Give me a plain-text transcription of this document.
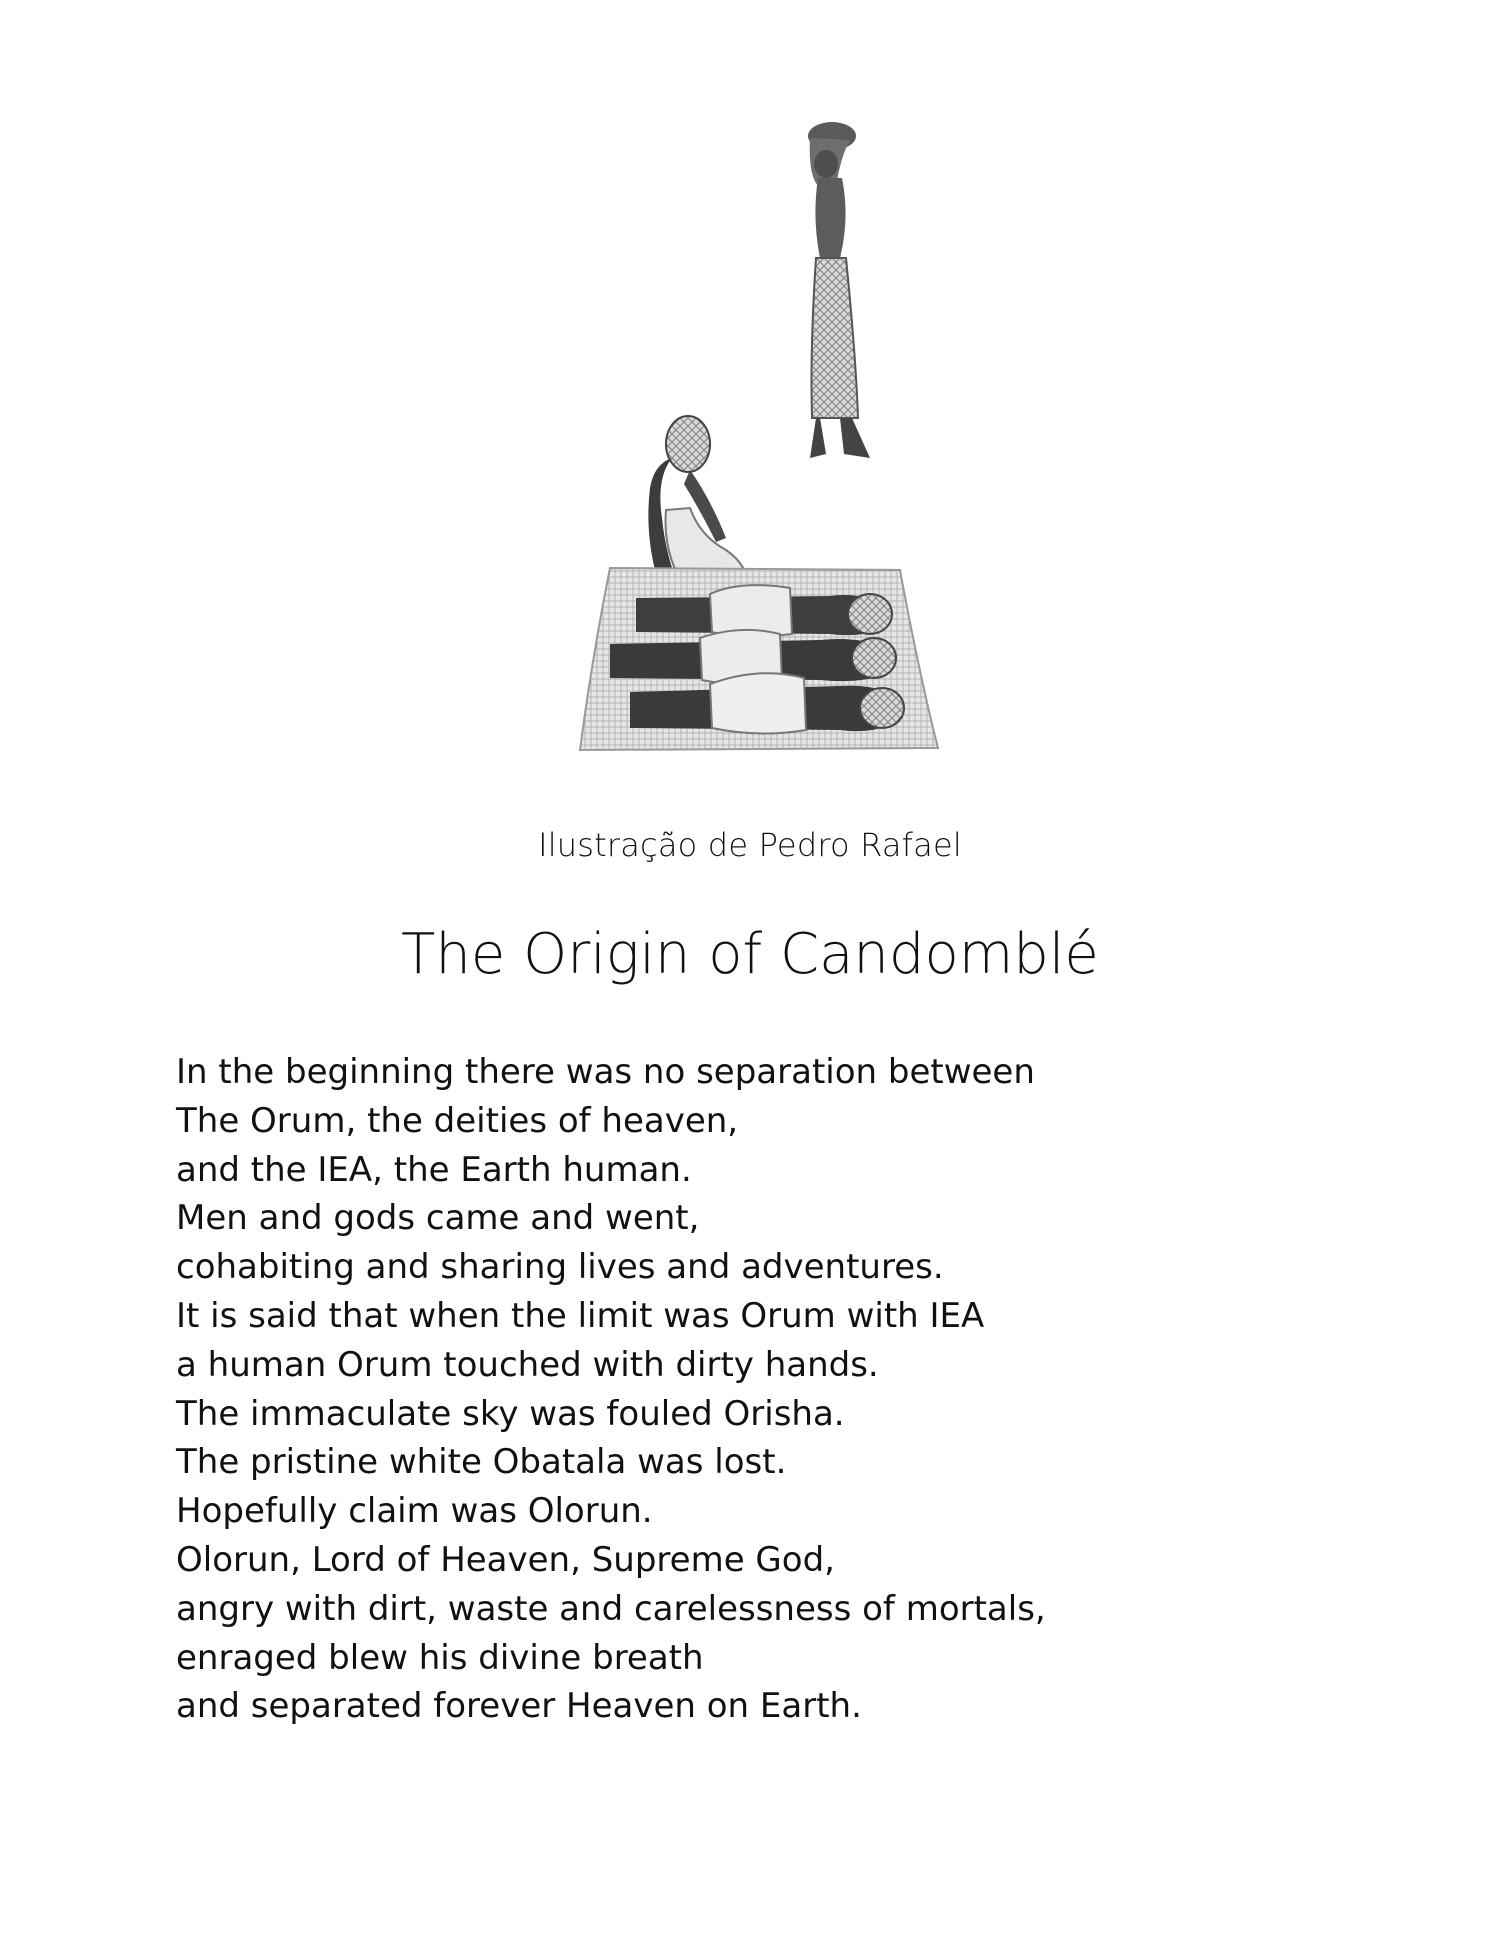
Ilustração de Pedro Rafael
The Origin of Candomblé
In the beginning there was no separation between
The Orum, the deities of heaven,
and the IEA, the Earth human.
Men and gods came and went,
cohabiting and sharing lives and adventures.
It is said that when the limit was Orum with IEA
a human Orum touched with dirty hands.
The immaculate sky was fouled Orisha.
The pristine white Obatala was lost.
Hopefully claim was Olorun.
Olorun, Lord of Heaven, Supreme God,
angry with dirt, waste and carelessness of mortals,
enraged blew his divine breath
and separated forever Heaven on Earth.
